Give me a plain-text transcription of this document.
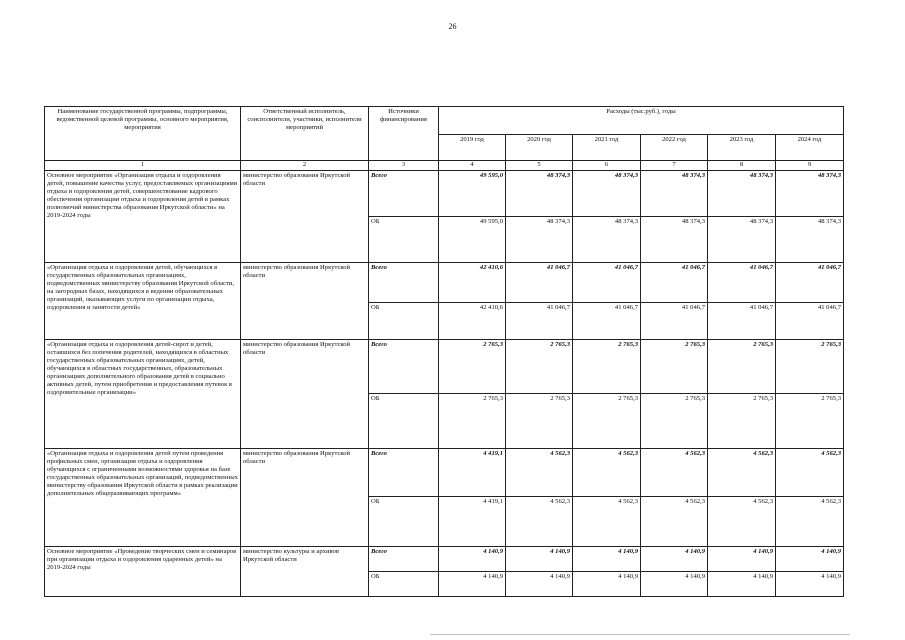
26
Наименование государственной программы, подпрограммы, ведомственной целевой программы, основного мероприятия, мероприятия	Ответственный исполнитель, соисполнители, участники, исполнители мероприятий	Источники финансирования	Расходы (тыс.руб.), годы					
			2019 год	2020 год	2021 год	2022 год	2023 год	2024 год
1	2	3	4	5	6	7	8	9
Основное мероприятие «Организация отдыха и оздоровления детей, повышение качества услуг, предоставляемых организациями отдыха и оздоровления детей, совершенствование кадрового обеспечения организации отдыха и оздоровления детей в рамках полномочий министерства образования Иркутской области» на 2019-2024 годы	министерство образования Иркутской области	Всего	49 595,0	48 374,3	48 374,3	48 374,3	48 374,3	48 374,3
		ОБ	49 595,0	48 374,3	48 374,3	48 374,3	48 374,3	48 374,3
«Организация отдыха и оздоровления детей, обучающихся в государственных образовательных организациях, подведомственных министерству образования Иркутской области, на загородных базах, находящихся в ведении образовательных организаций, оказывающих услуги по организации отдыха, оздоровления и занятости детей»	министерство образования Иркутской области	Всего	42 410,6	41 046,7	41 046,7	41 046,7	41 046,7	41 046,7
		ОБ	42 410,6	41 046,7	41 046,7	41 046,7	41 046,7	41 046,7
«Организация отдыха и оздоровления детей-сирот и детей, оставшихся без попечения родителей, находящихся в областных государственных образовательных организациях, детей, обучающихся в областных государственных, образовательных организациях дополнительного образования детей в социально активных детей, путем приобретения и предоставления путевок в оздоровительные организации»	министерство образования Иркутской области	Всего	2 765,3	2 765,3	2 765,3	2 765,3	2 765,3	2 765,3
		ОБ	2 765,3	2 765,3	2 765,3	2 765,3	2 765,3	2 765,3
«Организация отдыха и оздоровления детей путем проведения профильных смен, организация отдыха и оздоровления обучающихся с ограниченными возможностями здоровья на базе государственных образовательных организаций, подведомственных министерству образования Иркутской области в рамках реализации дополнительных общеразвивающих программ»	министерство образования Иркутской области	Всего	4 419,1	4 562,3	4 562,3	4 562,3	4 562,3	4 562,3
		ОБ	4 419,1	4 562,3	4 562,3	4 562,3	4 562,3	4 562,3
Основное мероприятие «Проведение творческих смен и семинаров при организации отдыха и оздоровления одаренных детей» на 2019-2024 годы	министерство культуры и архивов Иркутской области	Всего	4 140,9	4 140,9	4 140,9	4 140,9	4 140,9	4 140,9
		ОБ	4 140,9	4 140,9	4 140,9	4 140,9	4 140,9	4 140,9
